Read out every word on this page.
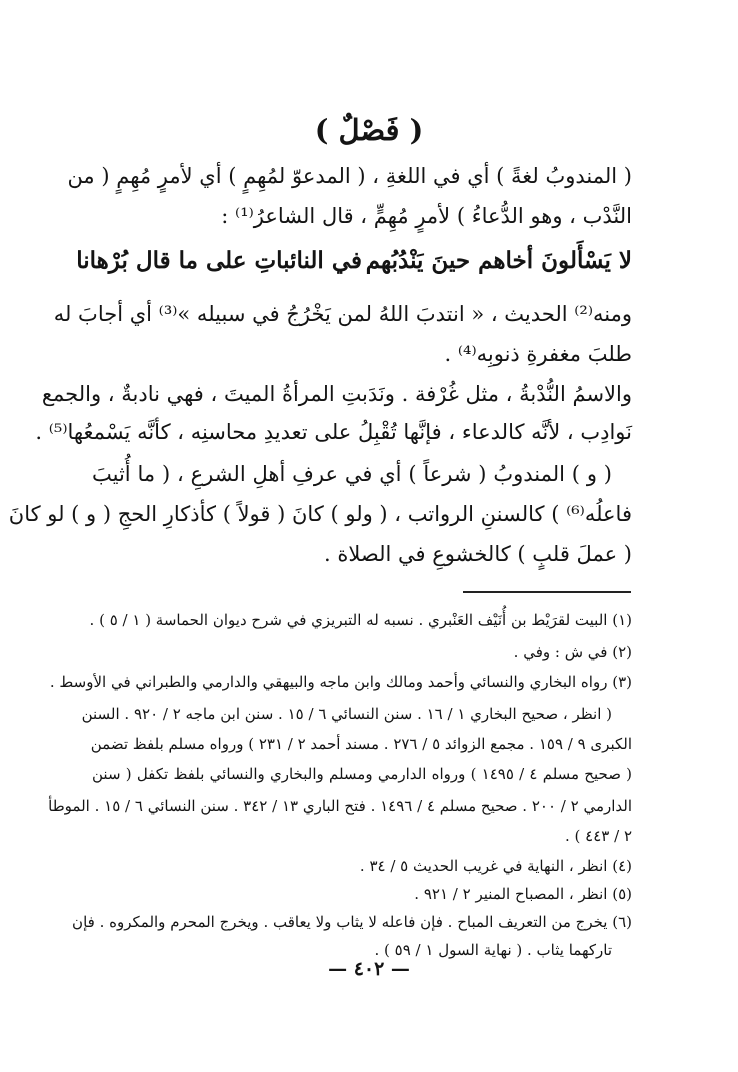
( فَصْلٌ )
( المندوبُ لغةً ) أي في اللغةِ ، ( المدعوّ لمُهِمٍ ) أي لأمرٍ مُهِمٍ ( من
النَّدْب ، وهو الدُّعاءُ ) لأمرٍ مُهِمٍّ ، قال الشاعرُ⁽¹⁾ :
لا يَسْأَلونَ أخاهم حينَ يَنْدُبُهم
في النائباتِ على ما قال بُرْهانا
ومنه⁽²⁾ الحديث ، « انتدبَ اللهُ لمن يَخْرُجُ في سبيله »⁽³⁾ أي أجابَ له
طلبَ مغفرةِ ذنوبِه⁽⁴⁾ .
والاسمُ النُّدْبةُ ، مثل غُرْفة . ونَدَبتِ المرأةُ الميتَ ، فهي نادبةٌ ، والجمع
نَوادِب ، لأنَّه كالدعاء ، فإنَّها تُقْبِلُ على تعديدِ محاسنِه ، كأنَّه يَسْمعُها⁽⁵⁾ .
( و ) المندوبُ ( شرعاً ) أي في عرفِ أهلِ الشرعِ ، ( ما أُثيبَ
فاعلُه⁽⁶⁾ ) كالسننِ الرواتب ، ( ولو ) كانَ ( قولاً ) كأذكارِ الحجِ ( و ) لو كانَ
( عملَ قلبٍ ) كالخشوعِ في الصلاة .
(١) البيت لقرَيْط بن أُنَيْف العَنْبري . نسبه له التبريزي في شرح ديوان الحماسة ( ١ / ٥ ) .
(٢) في ش : وفي .
(٣) رواه البخاري والنسائي وأحمد ومالك وابن ماجه والبيهقي والدارمي والطبراني في الأوسط .
( انظر ، صحيح البخاري ١ / ١٦ . سنن النسائي ٦ / ١٥ . سنن ابن ماجه ٢ / ٩٢٠ . السنن
الكبرى ٩ / ١٥٩ . مجمع الزوائد ٥ / ٢٧٦ . مسند أحمد ٢ / ٢٣١ ) ورواه مسلم بلفظ تضمن
( صحيح مسلم ٤ / ١٤٩٥ ) ورواه الدارمي ومسلم والبخاري والنسائي بلفظ تكفل ( سنن
الدارمي ٢ / ٢٠٠ . صحيح مسلم ٤ / ١٤٩٦ . فتح الباري ١٣ / ٣٤٢ . سنن النسائي ٦ / ١٥ . الموطأ
٢ / ٤٤٣ ) .
(٤) انظر ، النهاية في غريب الحديث ٥ / ٣٤ .
(٥) انظر ، المصباح المنير ٢ / ٩٢١ .
(٦) يخرج من التعريف المباح . فإن فاعله لا يثاب ولا يعاقب . ويخرج المحرم والمكروه . فإن
تاركهما يثاب . ( نهاية السول ١ / ٥٩ ) .
— ٤٠٢ —
